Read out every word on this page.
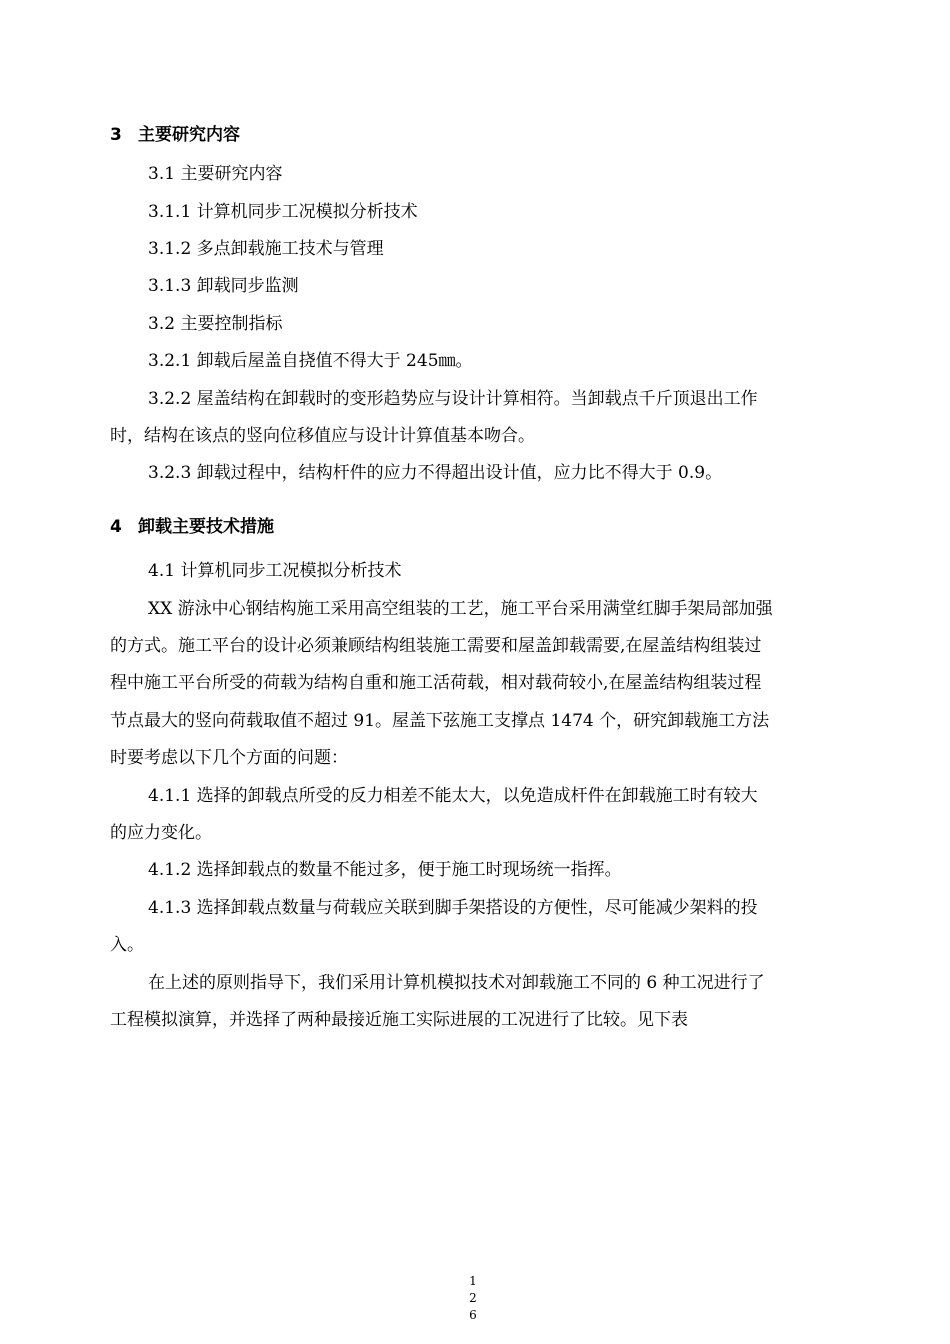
3 主要研究内容
3.1 主要研究内容
3.1.1 计算机同步工况模拟分析技术
3.1.2 多点卸载施工技术与管理
3.1.3 卸载同步监测
3.2 主要控制指标
3.2.1 卸载后屋盖自挠值不得大于 245㎜。
3.2.2 屋盖结构在卸载时的变形趋势应与设计计算相符。当卸载点千斤顶退出工作
时，结构在该点的竖向位移值应与设计计算值基本吻合。
3.2.3 卸载过程中，结构杆件的应力不得超出设计值，应力比不得大于 0.9。
4 卸载主要技术措施
4.1 计算机同步工况模拟分析技术
XX 游泳中心钢结构施工采用高空组装的工艺，施工平台采用满堂红脚手架局部加强
的方式。施工平台的设计必须兼顾结构组装施工需要和屋盖卸载需要,在屋盖结构组装过
程中施工平台所受的荷载为结构自重和施工活荷载，相对载荷较小,在屋盖结构组装过程
节点最大的竖向荷载取值不超过 91。屋盖下弦施工支撑点 1474 个，研究卸载施工方法
时要考虑以下几个方面的问题：
4.1.1 选择的卸载点所受的反力相差不能太大，以免造成杆件在卸载施工时有较大
的应力变化。
4.1.2 选择卸载点的数量不能过多，便于施工时现场统一指挥。
4.1.3 选择卸载点数量与荷载应关联到脚手架搭设的方便性，尽可能减少架料的投
入。
在上述的原则指导下，我们采用计算机模拟技术对卸载施工不同的 6 种工况进行了
工程模拟演算，并选择了两种最接近施工实际进展的工况进行了比较。见下表
1
2
6
